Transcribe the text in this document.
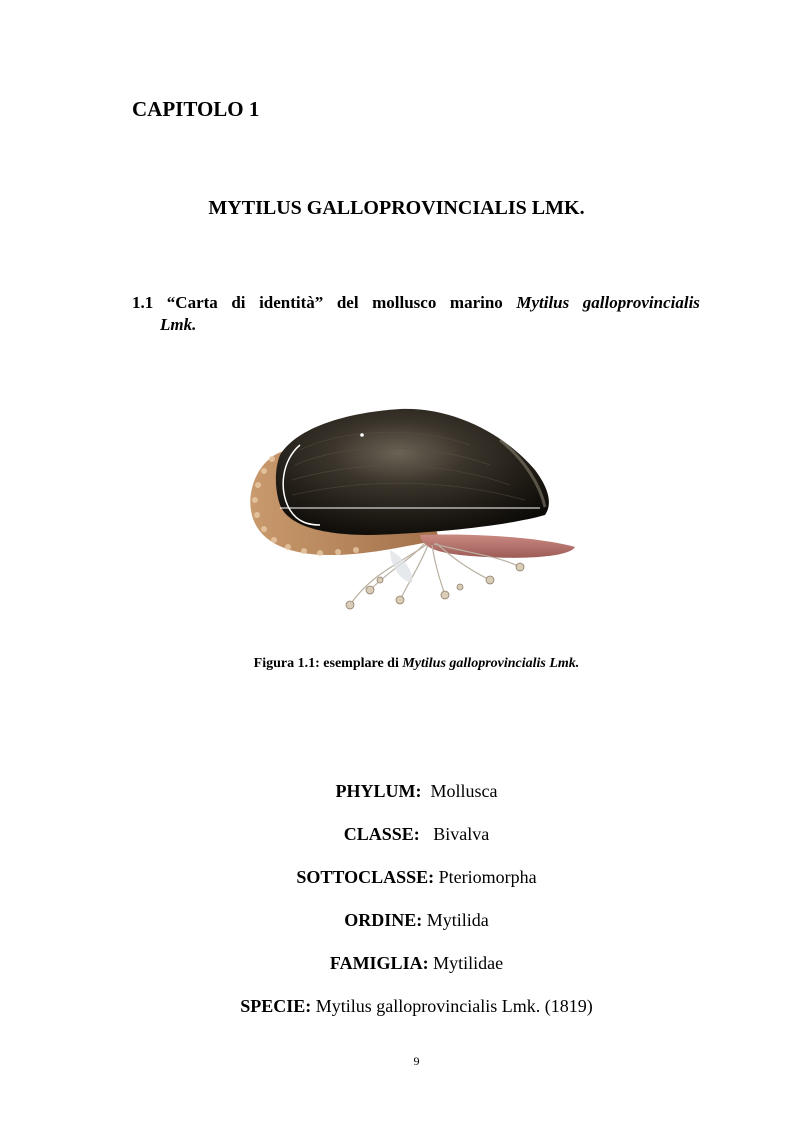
CAPITOLO 1
MYTILUS GALLOPROVINCIALIS LMK.
1.1 “Carta di identità” del mollusco marino Mytilus galloprovincialis
Lmk.

Figura 1.1: esemplare di Mytilus galloprovincialis Lmk.

PHYLUM:  Mollusca
CLASSE:   Bivalva
SOTTOCLASSE: Pteriomorpha
ORDINE: Mytilida
FAMIGLIA: Mytilidae
SPECIE: Mytilus galloprovincialis Lmk. (1819)
9
